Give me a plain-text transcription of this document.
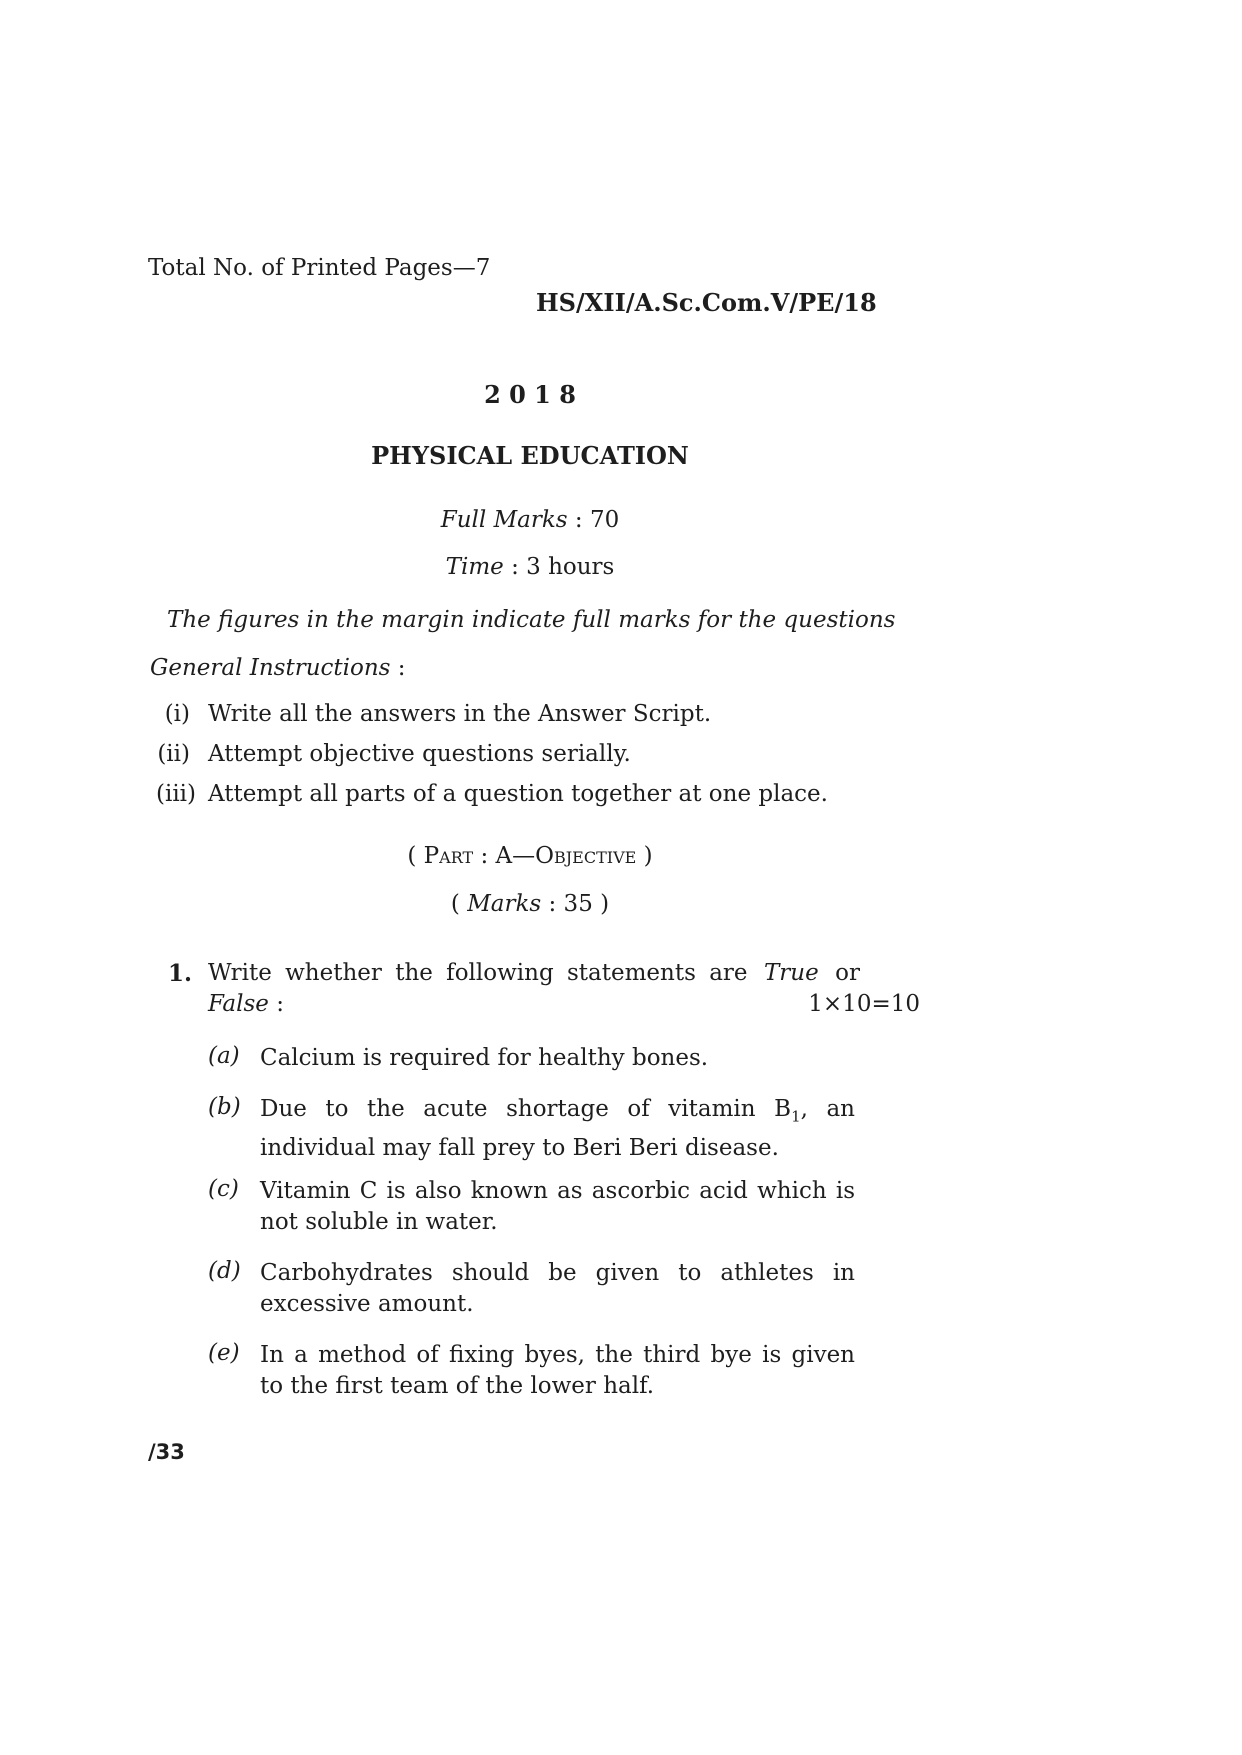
Total No. of Printed Pages—7
HS/XII/A.Sc.Com.V/PE/18
2 0 1 8
PHYSICAL EDUCATION
Full Marks : 70
Time : 3 hours
The figures in the margin indicate full marks for the questions
General Instructions :
(i) Write all the answers in the Answer Script.
(ii) Attempt objective questions serially.
(iii) Attempt all parts of a question together at one place.
( Part : A—Objective )
( Marks : 35 )
1. Write whether the following statements are True or
False :	1×10=10
(a) Calcium is required for healthy bones.
(b) Due to the acute shortage of vitamin $B_1$, an individual may fall prey to Beri Beri disease.
(c) Vitamin C is also known as ascorbic acid which is not soluble in water.
(d) Carbohydrates should be given to athletes in excessive amount.
(e) In a method of fixing byes, the third bye is given to the first team of the lower half.
/33
